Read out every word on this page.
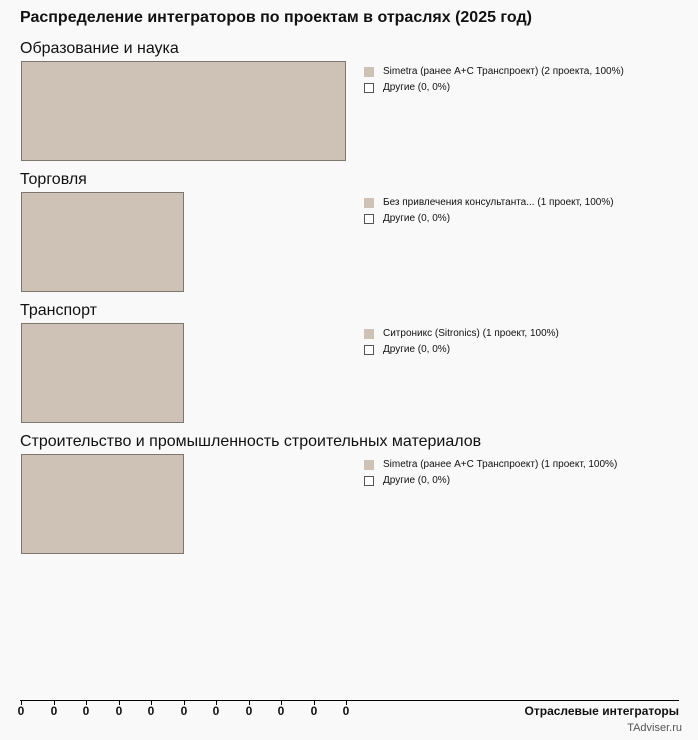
Распределение интеграторов по проектам в отраслях (2025 год)
Образование и наука
Simetra (ранее A+C Транспроект) (2 проекта, 100%)
Другие (0, 0%)
Торговля
Без привлечения консультанта... (1 проект, 100%)
Другие (0, 0%)
Транспорт
Ситроникс (Sitronics) (1 проект, 100%)
Другие (0, 0%)
Строительство и промышленность строительных материалов
Simetra (ранее A+C Транспроект) (1 проект, 100%)
Другие (0, 0%)
0	0	0	0	0	0	0	0	0	0	0	Отраслевые интеграторы
TAdviser.ru
